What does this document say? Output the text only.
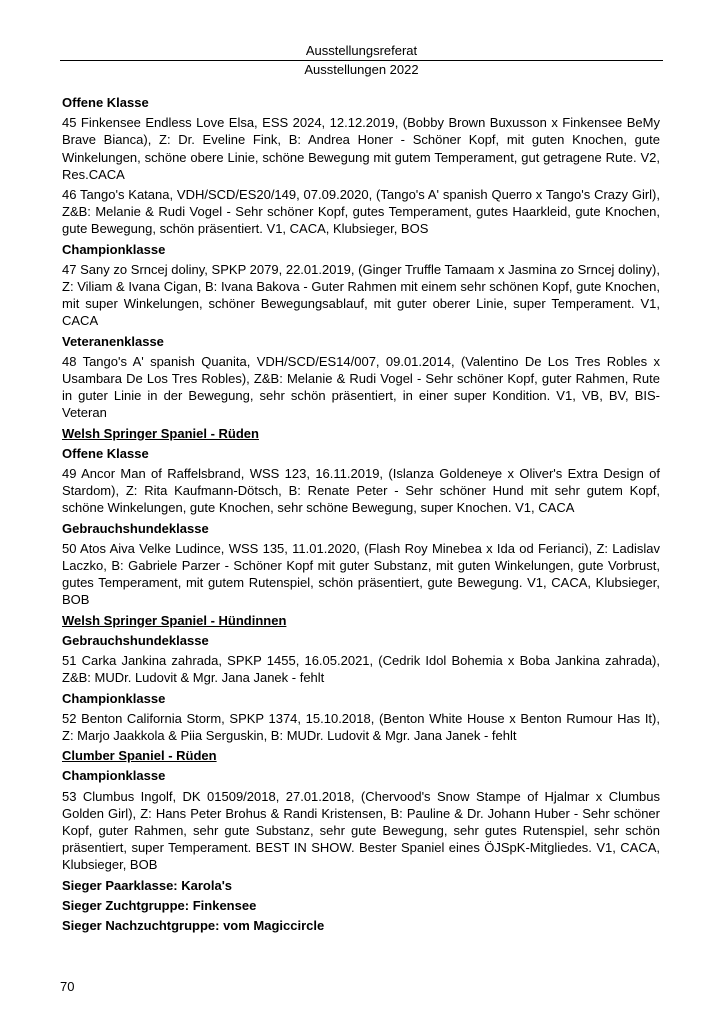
Ausstellungsreferat
Ausstellungen 2022
Offene Klasse
45 Finkensee Endless Love Elsa, ESS 2024, 12.12.2019, (Bobby Brown Buxusson x Finkensee BeMy Brave Bianca), Z: Dr. Eveline Fink, B: Andrea Honer - Schöner Kopf, mit guten Knochen, gute Winkelungen, schöne obere Linie, schöne Bewegung mit gutem Temperament, gut getragene Rute. V2, Res.CACA
46 Tango's Katana, VDH/SCD/ES20/149, 07.09.2020, (Tango's A' spanish Querro x Tango's Crazy Girl), Z&B: Melanie & Rudi Vogel - Sehr schöner Kopf, gutes Temperament, gutes Haarkleid, gute Knochen, gute Bewegung, schön präsentiert. V1, CACA, Klubsieger, BOS
Championklasse
47 Sany zo Srncej doliny, SPKP 2079, 22.01.2019, (Ginger Truffle Tamaam x Jasmina zo Srncej doliny), Z: Viliam & Ivana Cigan, B: Ivana Bakova - Guter Rahmen mit einem sehr schönen Kopf, gute Knochen, mit super Winkelungen, schöner Bewegungsablauf, mit guter oberer Linie, super Temperament. V1, CACA
Veteranenklasse
48 Tango's A' spanish Quanita, VDH/SCD/ES14/007, 09.01.2014, (Valentino De Los Tres Robles x Usambara De Los Tres Robles), Z&B: Melanie & Rudi Vogel - Sehr schöner Kopf, guter Rahmen, Rute in guter Linie in der Bewegung, sehr schön präsentiert, in einer super Kondition. V1, VB, BV, BIS-Veteran
Welsh Springer Spaniel - Rüden
Offene Klasse
49 Ancor Man of Raffelsbrand, WSS 123, 16.11.2019, (Islanza Goldeneye x Oliver's Extra Design of Stardom), Z: Rita Kaufmann-Dötsch, B: Renate Peter - Sehr schöner Hund mit sehr gutem Kopf, schöne Winkelungen, gute Knochen, sehr schöne Bewegung, super Knochen. V1, CACA
Gebrauchshundeklasse
50 Atos Aiva Velke Ludince, WSS 135, 11.01.2020, (Flash Roy Minebea x Ida od Ferianci), Z: Ladislav Laczko, B: Gabriele Parzer - Schöner Kopf mit guter Substanz, mit guten Winkelungen, gute Vorbrust, gutes Temperament, mit gutem Rutenspiel, schön präsentiert, gute Bewegung. V1, CACA, Klubsieger, BOB
Welsh Springer Spaniel - Hündinnen
Gebrauchshundeklasse
51 Carka Jankina zahrada, SPKP 1455, 16.05.2021, (Cedrik Idol Bohemia x Boba Jankina zahrada), Z&B: MUDr. Ludovit & Mgr. Jana Janek - fehlt
Championklasse
52 Benton California Storm, SPKP 1374, 15.10.2018, (Benton White House x Benton Rumour Has It), Z: Marjo Jaakkola & Piia Serguskin, B: MUDr. Ludovit & Mgr. Jana Janek - fehlt
Clumber Spaniel - Rüden
Championklasse
53 Clumbus Ingolf, DK 01509/2018, 27.01.2018, (Chervood's Snow Stampe of Hjalmar x Clumbus Golden Girl), Z: Hans Peter Brohus & Randi Kristensen, B: Pauline & Dr. Johann Huber - Sehr schöner Kopf, guter Rahmen, sehr gute Substanz, sehr gute Bewegung, sehr gutes Rutenspiel, sehr schön präsentiert, super Temperament. BEST IN SHOW. Bester Spaniel eines ÖJSpK-Mitgliedes. V1, CACA, Klubsieger, BOB
Sieger Paarklasse: Karola's
Sieger Zuchtgruppe: Finkensee
Sieger Nachzuchtgruppe: vom Magiccircle
70
